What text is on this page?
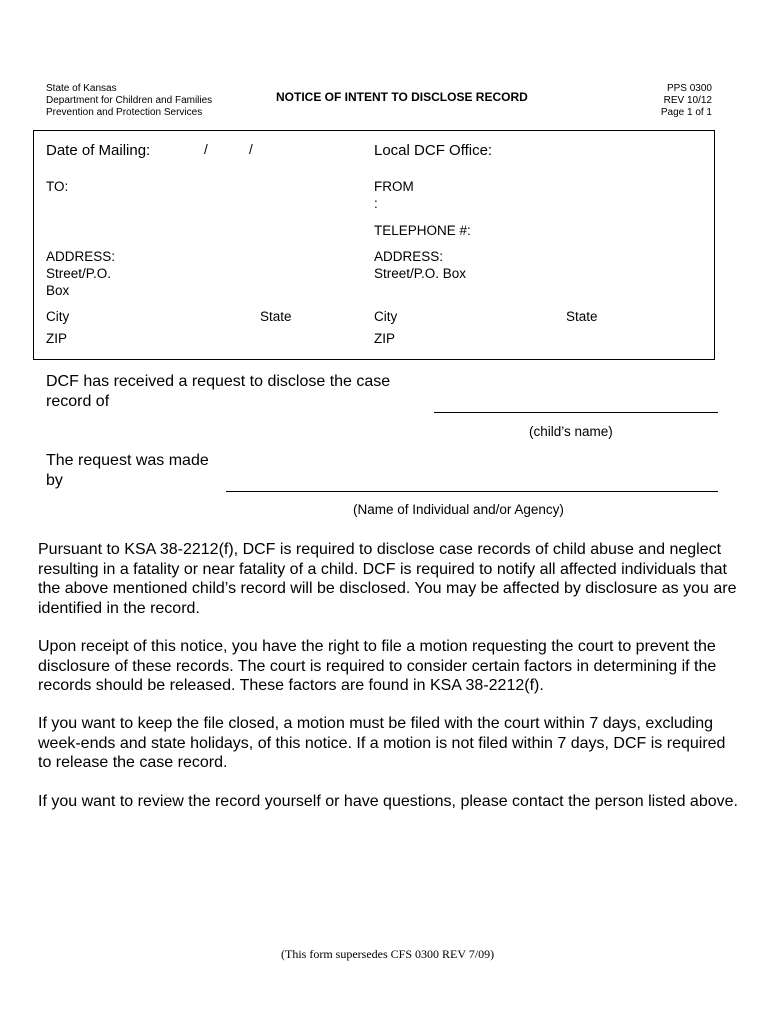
State of Kansas
Department for Children and Families
Prevention and Protection Services
NOTICE OF INTENT TO DISCLOSE RECORD
PPS 0300
REV 10/12
Page 1 of 1
Date of Mailing:	/	/	Local DCF Office:
TO:	FROM
:
TELEPHONE #:
ADDRESS:
Street/P.O.
Box
ADDRESS:
Street/P.O. Box
City	State	City	State
ZIP	ZIP
DCF has received a request to disclose the case
record of
(child’s name)
The request was made
by
(Name of Individual and/or Agency)
Pursuant to KSA 38-2212(f), DCF is required to disclose case records of child abuse and neglect resulting in a fatality or near fatality of a child. DCF is required to notify all affected individuals that the above mentioned child’s record will be disclosed. You may be affected by disclosure as you are identified in the record.
Upon receipt of this notice, you have the right to file a motion requesting the court to prevent the disclosure of these records. The court is required to consider certain factors in determining if the records should be released. These factors are found in KSA 38-2212(f).
If you want to keep the file closed, a motion must be filed with the court within 7 days, excluding week-ends and state holidays, of this notice. If a motion is not filed within 7 days, DCF is required to release the case record.
If you want to review the record yourself or have questions, please contact the person listed above.
(This form supersedes CFS 0300 REV 7/09)
